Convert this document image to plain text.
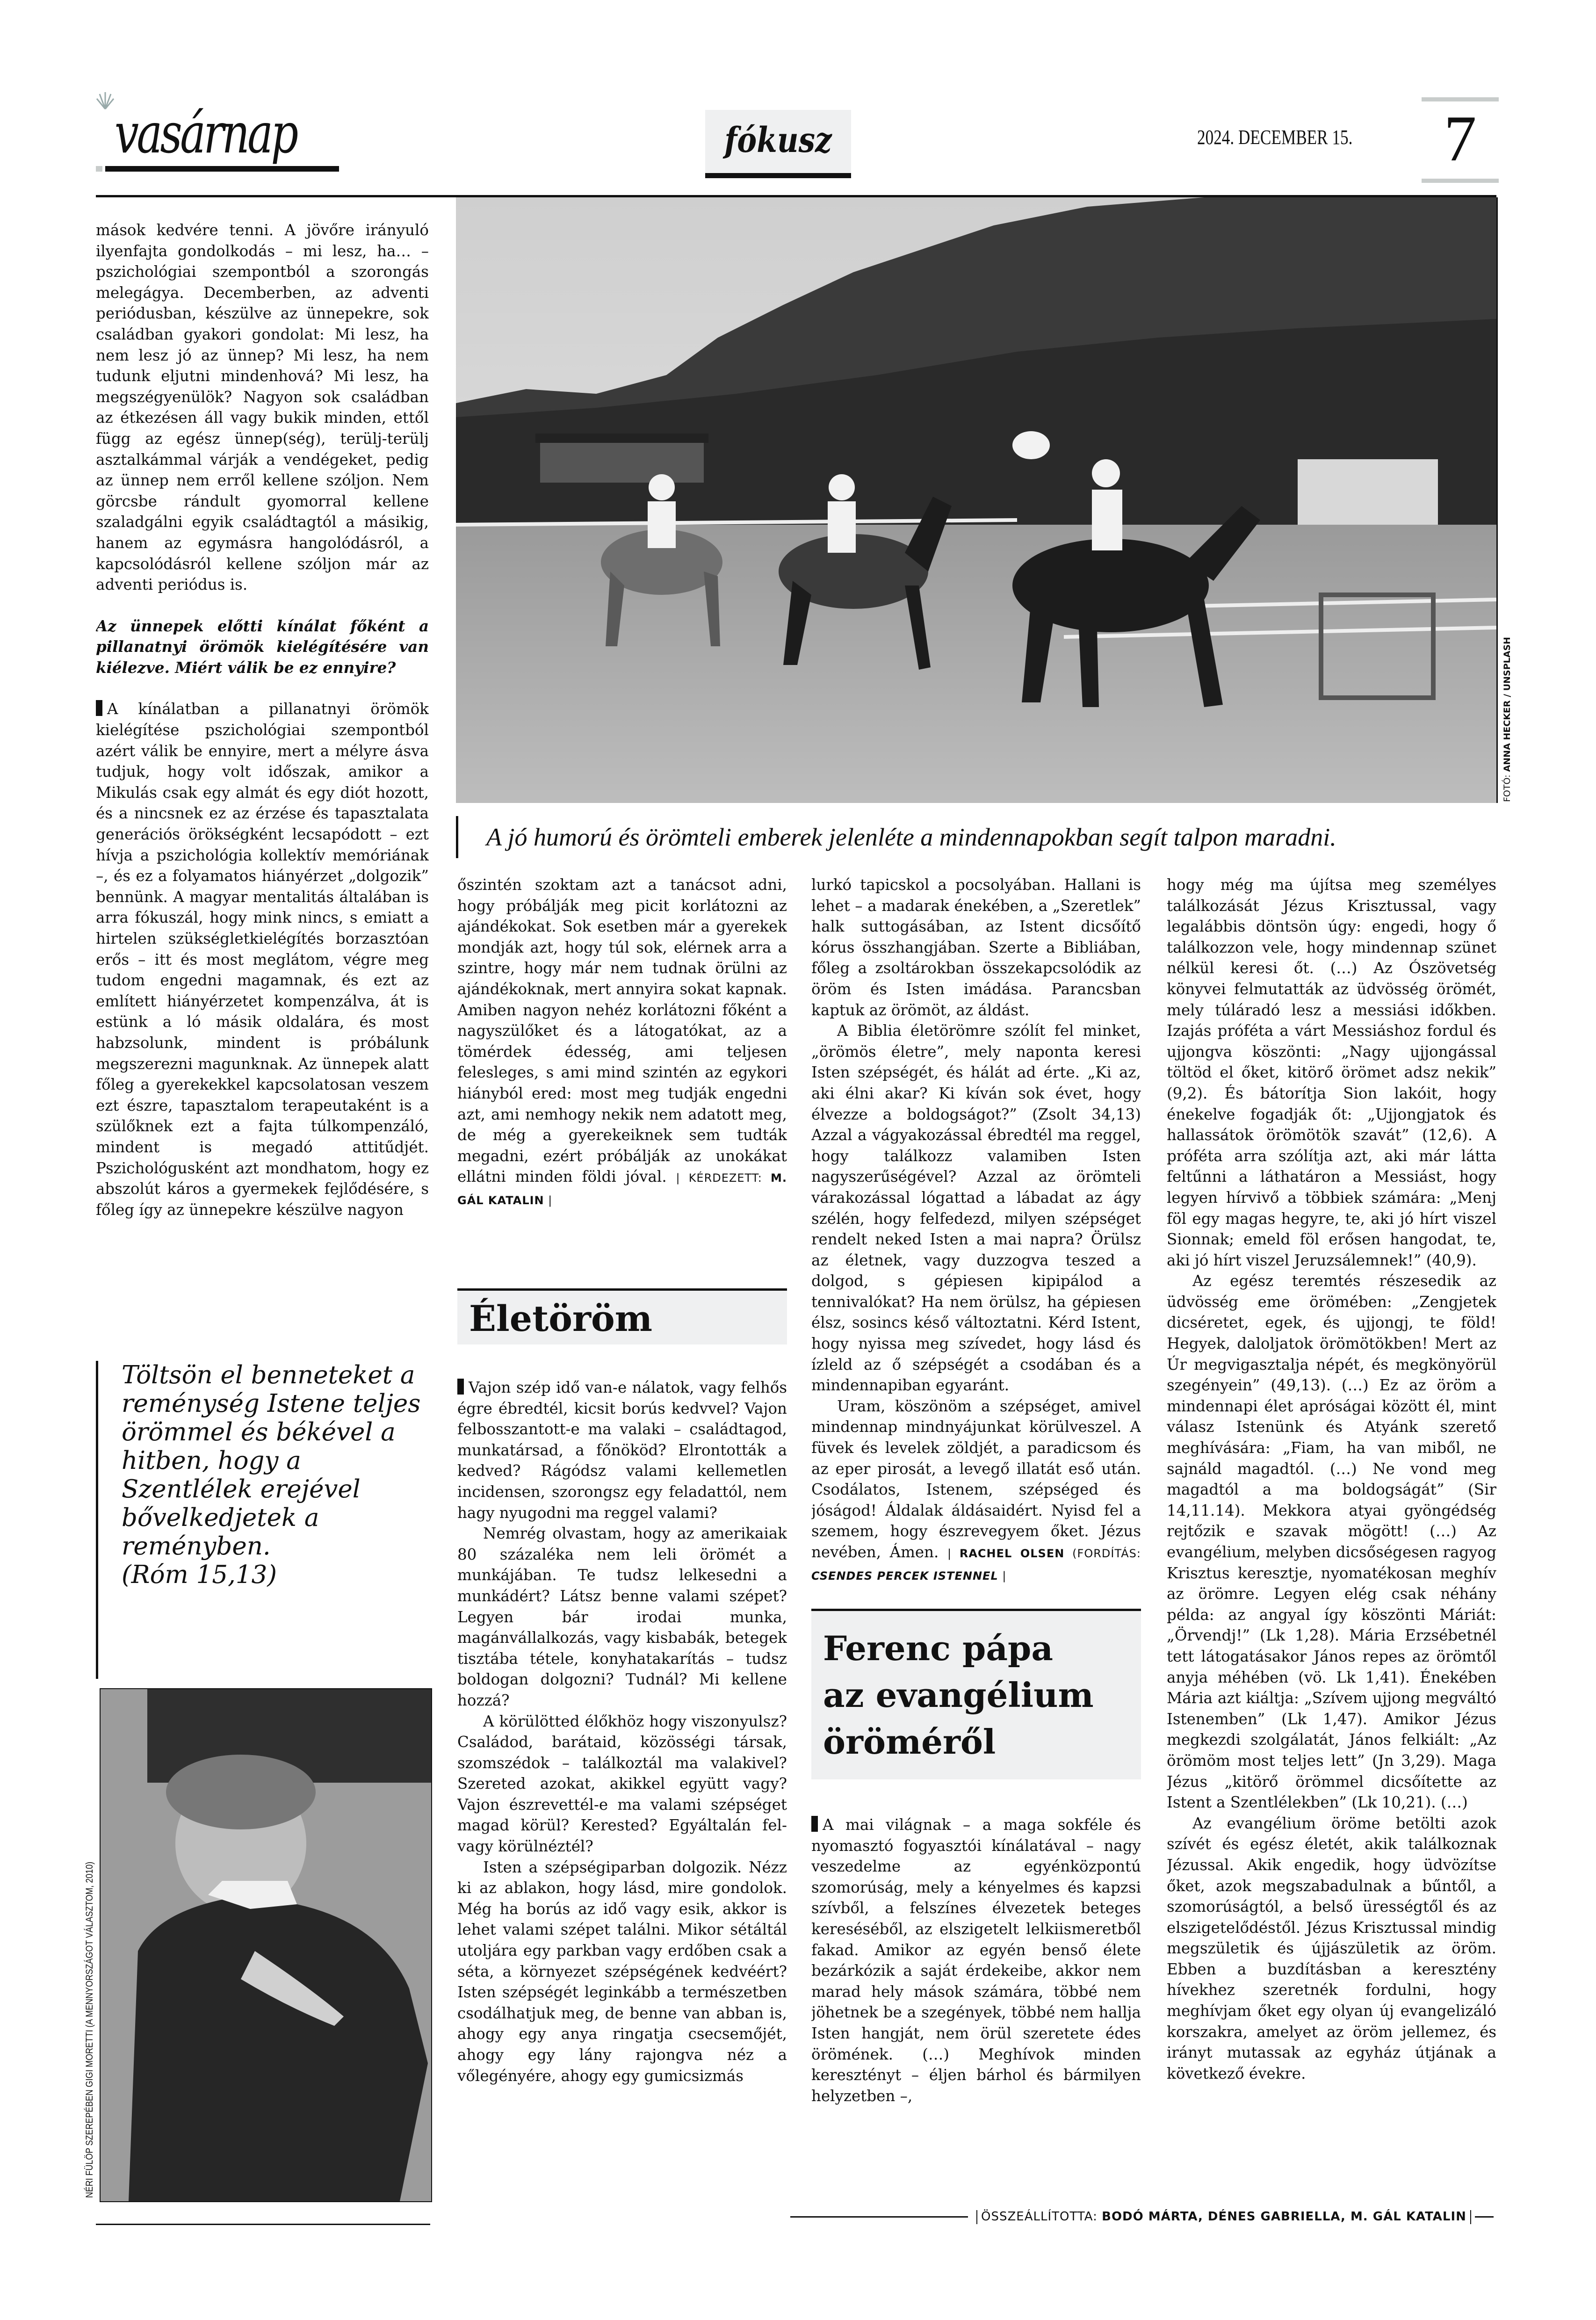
vasárnap	fókusz	2024. DECEMBER 15.	7
FOTÓ: ANNA HECKER / UNSPLASH
A jó humorú és örömteli emberek jelenléte a mindennapokban segít talpon maradni.

mások kedvére tenni. A jövőre irányuló ilyenfajta gondolkodás – mi lesz, ha… – pszichológiai szempontból a szorongás melegágya. Decemberben, az adventi periódusban, készülve az ünnepekre, sok családban gyakori gondolat: Mi lesz, ha nem lesz jó az ünnep? Mi lesz, ha nem tudunk eljutni mindenhová? Mi lesz, ha megszégyenülök? Nagyon sok családban az étkezésen áll vagy bukik minden, ettől függ az egész ünnep(ség), terülj-terülj asztalkámmal várják a vendégeket, pedig az ünnep nem erről kellene szóljon. Nem görcsbe rándult gyomorral kellene szaladgálni egyik családtagtól a másikig, hanem az egymásra hangolódásról, a kapcsolódásról kellene szóljon már az adventi periódus is.

Az ünnepek előtti kínálat főként a pillanatnyi örömök kielégítésére van kiélezve. Miért válik be ez ennyire?

A kínálatban a pillanatnyi örömök kielégítése pszichológiai szempontból azért válik be ennyire, mert a mélyre ásva tudjuk, hogy volt időszak, amikor a Mikulás csak egy almát és egy diót hozott, és a nincsnek ez az érzése és tapasztalata generációs örökségként lecsapódott – ezt hívja a pszichológia kollektív memóriának –, és ez a folyamatos hiányérzet „dolgozik” bennünk. A magyar mentalitás általában is arra fókuszál, hogy mink nincs, s emiatt a hirtelen szükségletkielégítés borzasztóan erős – itt és most meglátom, végre meg tudom engedni magamnak, és ezt az említett hiányérzetet kompenzálva, át is estünk a ló másik oldalára, és most habzsolunk, mindent is próbálunk megszerezni magunknak. Az ünnepek alatt főleg a gyerekekkel kapcsolatosan veszem ezt észre, tapasztalom terapeutaként is a szülőknek ezt a fajta túlkompenzáló, mindent is megadó attitűdjét. Pszichológusként azt mondhatom, hogy ez abszolút káros a gyermekek fejlődésére, s főleg így az ünnepekre készülve nagyon

Töltsön el benneteket a reménység Istene teljes örömmel és békével a hitben, hogy a Szentlélek erejével bővelkedjetek a reményben.
(Róm 15,13)
NÉRI FÜLÖP SZEREPÉBEN GIGI MORETTI (A MENNYORSZÁGOT VÁLASZTOM, 2010)

őszintén szoktam azt a tanácsot adni, hogy próbálják meg picit korlátozni az ajándékokat. Sok esetben már a gyerekek mondják azt, hogy túl sok, elérnek arra a szintre, hogy már nem tudnak örülni az ajándékoknak, mert annyira sokat kapnak. Amiben nagyon nehéz korlátozni főként a nagyszülőket és a látogatókat, az a tömérdek édesség, ami teljesen felesleges, s ami mind szintén az egykori hiányból ered: most meg tudják engedni azt, ami nemhogy nekik nem adatott meg, de még a gyerekeiknek sem tudták megadni, ezért próbálják az unokákat ellátni minden földi jóval. | KÉRDEZETT: M. GÁL KATALIN |

Életöröm

Vajon szép idő van-e nálatok, vagy felhős égre ébredtél, kicsit borús kedvvel? Vajon felbosszantott-e ma valaki – családtagod, munkatársad, a főnököd? Elrontották a kedved? Rágódsz valami kellemetlen incidensen, szorongsz egy feladattól, nem hagy nyugodni ma reggel valami?

Nemrég olvastam, hogy az amerikaiak 80 százaléka nem leli örömét a munkájában. Te tudsz lelkesedni a munkádért? Látsz benne valami szépet? Legyen bár irodai munka, magánvállalkozás, vagy kisbabák, betegek tisztába tétele, konyhatakarítás – tudsz boldogan dolgozni? Tudnál? Mi kellene hozzá?

A körülötted élőkhöz hogy viszonyulsz? Családod, barátaid, közösségi társak, szomszédok – találkoztál ma valakivel? Szereted azokat, akikkel együtt vagy? Vajon észrevettél-e ma valami szépséget magad körül? Kerested? Egyáltalán fel- vagy körülnéztél?

Isten a szépségiparban dolgozik. Nézz ki az ablakon, hogy lásd, mire gondolok. Még ha borús az idő vagy esik, akkor is lehet valami szépet találni. Mikor sétáltál utoljára egy parkban vagy erdőben csak a séta, a környezet szépségének kedvéért? Isten szépségét leginkább a természetben csodálhatjuk meg, de benne van abban is, ahogy egy anya ringatja csecsemőjét, ahogy egy lány rajongva néz a vőlegényére, ahogy egy gumicsizmás

lurkó tapicskol a pocsolyában. Hallani is lehet – a madarak énekében, a „Szeretlek” halk suttogásában, az Istent dicsőítő kórus összhangjában. Szerte a Bibliában, főleg a zsoltárokban összekapcsolódik az öröm és Isten imádása. Parancsban kaptuk az örömöt, az áldást.

A Biblia életörömre szólít fel minket, „örömös életre”, mely naponta keresi Isten szépségét, és hálát ad érte. „Ki az, aki élni akar? Ki kíván sok évet, hogy élvezze a boldogságot?” (Zsolt 34,13) Azzal a vágyakozással ébredtél ma reggel, hogy találkozz valamiben Isten nagyszerűségével? Azzal az örömteli várakozással lógattad a lábadat az ágy szélén, hogy felfedezd, milyen szépséget rendelt neked Isten a mai napra? Örülsz az életnek, vagy duzzogva teszed a dolgod, s gépiesen kipipálod a tennivalókat? Ha nem örülsz, ha gépiesen élsz, sosincs késő változtatni. Kérd Istent, hogy nyissa meg szívedet, hogy lásd és ízleld az ő szépségét a csodában és a mindennapiban egyaránt.

Uram, köszönöm a szépséget, amivel mindennap mindnyájunkat körülveszel. A füvek és levelek zöldjét, a paradicsom és az eper pirosát, a levegő illatát eső után. Csodálatos, Istenem, szépséged és jóságod! Áldalak áldásaidért. Nyisd fel a szemem, hogy észrevegyem őket. Jézus nevében, Ámen. | RACHEL OLSEN (FORDÍTÁS: CSENDES PERCEK ISTENNEL |

Ferenc pápa
az evangélium
öröméről

A mai világnak – a maga sokféle és nyomasztó fogyasztói kínálatával – nagy veszedelme az egyénközpontú szomorúság, mely a kényelmes és kapzsi szívből, a felszínes élvezetek beteges kereséséből, az elszigetelt lelkiismeretből fakad. Amikor az egyén benső élete bezárkózik a saját érdekeibe, akkor nem marad hely mások számára, többé nem jöhetnek be a szegények, többé nem hallja Isten hangját, nem örül szeretete édes örömének. (…) Meghívok minden keresztényt – éljen bárhol és bármilyen helyzetben –,

hogy még ma újítsa meg személyes találkozását Jézus Krisztussal, vagy legalábbis döntsön úgy: engedi, hogy ő találkozzon vele, hogy mindennap szünet nélkül keresi őt. (…) Az Ószövetség könyvei felmutatták az üdvösség örömét, mely túláradó lesz a messiási időkben. Izajás próféta a várt Messiáshoz fordul és ujjongva köszönti: „Nagy ujjongással töltöd el őket, kitörő örömet adsz nekik” (9,2). És bátorítja Sion lakóit, hogy énekelve fogadják őt: „Ujjongjatok és hallassátok örömötök szavát” (12,6). A próféta arra szólítja azt, aki már látta feltűnni a láthatáron a Messiást, hogy legyen hírvivő a többiek számára: „Menj föl egy magas hegyre, te, aki jó hírt viszel Sionnak; emeld föl erősen hangodat, te, aki jó hírt viszel Jeruzsálemnek!” (40,9).

Az egész teremtés részesedik az üdvösség eme örömében: „Zengjetek dicséretet, egek, és ujjongj, te föld! Hegyek, daloljatok örömötökben! Mert az Úr megvigasztalja népét, és megkönyörül szegényein” (49,13). (…) Ez az öröm a mindennapi élet apróságai között él, mint válasz Istenünk és Atyánk szerető meghívására: „Fiam, ha van miből, ne sajnáld magadtól. (…) Ne vond meg magadtól a ma boldogságát” (Sir 14,11.14). Mekkora atyai gyöngédség rejtőzik e szavak mögött! (…) Az evangélium, melyben dicsőségesen ragyog Krisztus keresztje, nyomatékosan meghív az örömre. Legyen elég csak néhány példa: az angyal így köszönti Máriát: „Örvendj!” (Lk 1,28). Mária Erzsébetnél tett látogatásakor János repes az örömtől anyja méhében (vö. Lk 1,41). Énekében Mária azt kiáltja: „Szívem ujjong megváltó Istenemben” (Lk 1,47). Amikor Jézus megkezdi szolgálatát, János felkiált: „Az örömöm most teljes lett” (Jn 3,29). Maga Jézus „kitörő örömmel dicsőítette az Istent a Szentlélekben” (Lk 10,21). (…)

Az evangélium öröme betölti azok szívét és egész életét, akik találkoznak Jézussal. Akik engedik, hogy üdvözítse őket, azok megszabadulnak a bűntől, a szomorúságtól, a belső ürességtől és az elszigetelődéstől. Jézus Krisztussal mindig megszületik és újjászületik az öröm. Ebben a buzdításban a keresztény hívekhez szeretnék fordulni, hogy meghívjam őket egy olyan új evangelizáló korszakra, amelyet az öröm jellemez, és irányt mutassak az egyház útjának a következő évekre.

ÖSSZEÁLLÍTOTTA: BODÓ MÁRTA, DÉNES GABRIELLA, M. GÁL KATALIN
